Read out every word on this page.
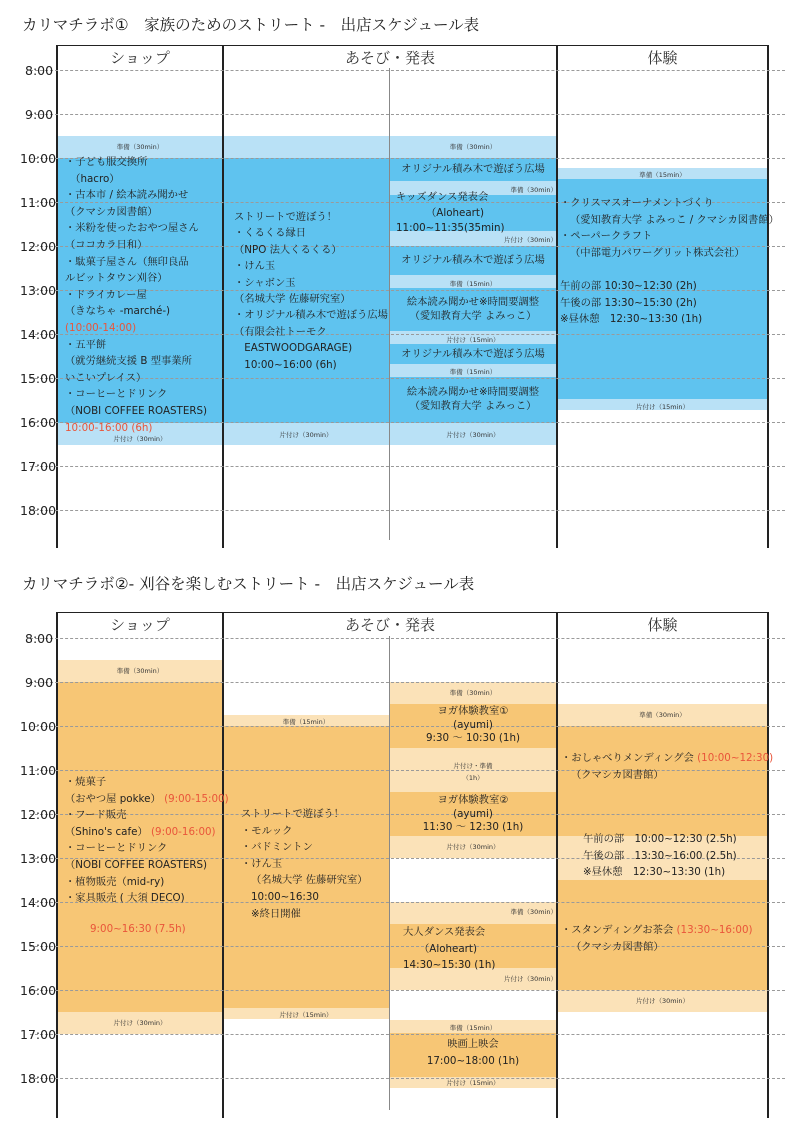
カリマチラボ①　家族のためのストリート -　出店スケジュール表
ショップ	あそび・発表	体験
8:00
9:00
10:00
11:00
12:00
13:00
14:00
15:00
16:00
17:00
18:00
準備（30min）
片付け（30min）	片付け（30min）
準備（30min）
準備（30min）
片付け（30min）
準備（15min）
片付け（15min）
準備（15min）
片付け（30min）
準備（15min）
片付け（15min）
・子ども服交換所
　（hacro）
・古本市 / 絵本読み聞かせ
（クマシカ図書館）
・米粉を使ったおやつ屋さん
（ココカラ日和）
・駄菓子屋さん（無印良品
ルビットタウン刈谷）
・ドライカレー屋
（きなちゃ -marché-)
(10:00-14:00)
・五平餅
（就労継続支援 B 型事業所
いこいプレイス）
・コーヒーとドリンク
（NOBI COFFEE ROASTERS)
10:00-16:00 (6h)
ストリートで遊ぼう！
・くるくる縁日
（NPO 法人くるくる）
・けん玉
・シャボン玉
（名城大学 佐藤研究室）
・オリジナル積み木で遊ぼう広場
（有限会社トーモク
　EASTWOODGARAGE)
　10:00~16:00 (6h)
オリジナル積み木で遊ぼう広場
キッズダンス発表会
（Aloheart)
11:00~11:35(35min)
オリジナル積み木で遊ぼう広場
絵本読み聞かせ※時間要調整
（愛知教育大学 よみっこ）
オリジナル積み木で遊ぼう広場
絵本読み聞かせ※時間要調整
（愛知教育大学 よみっこ）
・クリスマスオーナメントづくり
（愛知教育大学 よみっこ / クマシカ図書館）
・ペーパークラフト
（中部電力パワーグリット株式会社）

午前の部 10:30~12:30 (2h)
午後の部 13:30~15:30 (2h)
※昼休憩　12:30~13:30 (1h)
カリマチラボ②- 刈谷を楽しむストリート -　出店スケジュール表
ショップ	あそび・発表	体験
8:00
9:00
10:00
11:00
12:00
13:00
14:00
15:00
16:00
17:00
18:00
準備（30min）
片付け（30min）
準備（15min）
片付け（15min）
準備（30min）
片付け・準備
（1h）
片付け（30min）
準備（30min）
片付け（30min）
準備（15min）
片付け（15min）
準備（30min）
片付け（30min）
・焼菓子
（おやつ屋 pokke） (9:00-15:00)
・フード販売
（Shino's cafe） (9:00-16:00)
・コーヒーとドリンク
（NOBI COFFEE ROASTERS)
・植物販売（mid-ry)
・家具販売 ( 大須 DECO)
9:00~16:30 (7.5h)
ストリートで遊ぼう！
・モルック
・バドミントン
・けん玉
（名城大学 佐藤研究室）
10:00~16:30
※終日開催
ヨガ体験教室①
(ayumi)
9:30 〜 10:30 (1h)
ヨガ体験教室②
(ayumi)
11:30 〜 12:30 (1h)
大人ダンス発表会
（Aloheart)
14:30~15:30 (1h)
映画上映会
17:00~18:00 (1h)
・おしゃべりメンディング会 (10:00~12:30)
（クマシカ図書館）
午前の部　10:00~12:30 (2.5h)
午後の部　13:30~16:00 (2.5h)
※昼休憩　12:30~13:30 (1h)
・スタンディングお茶会 (13:30~16:00)
（クマシカ図書館）
